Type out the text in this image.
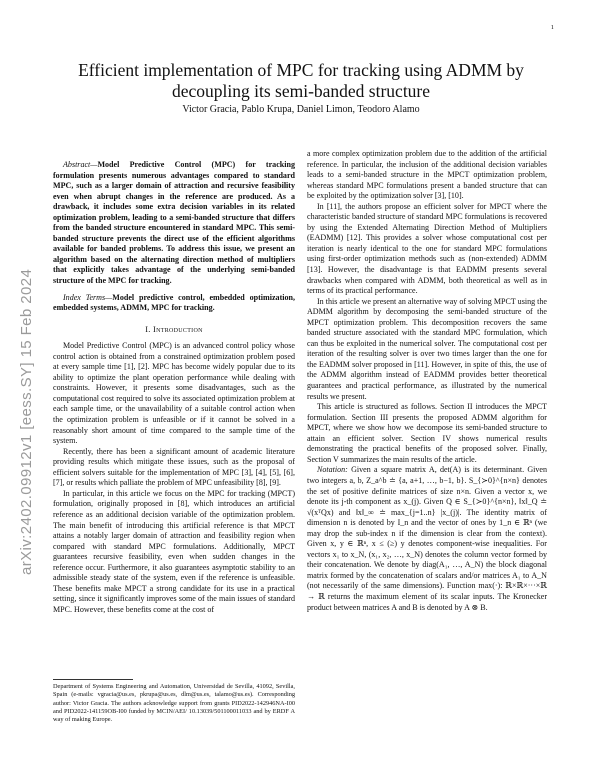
1
arXiv:2402.09912v1 [eess.SY] 15 Feb 2024
Efficient implementation of MPC for tracking using ADMM by decoupling its semi-banded structure
Victor Gracia, Pablo Krupa, Daniel Limon, Teodoro Alamo

Abstract—Model Predictive Control (MPC) for tracking formulation presents numerous advantages compared to standard MPC, such as a larger domain of attraction and recursive feasibility even when abrupt changes in the reference are produced. As a drawback, it includes some extra decision variables in its related optimization problem, leading to a semi-banded structure that differs from the banded structure encountered in standard MPC. This semi-banded structure prevents the direct use of the efficient algorithms available for banded problems. To address this issue, we present an algorithm based on the alternating direction method of multipliers that explicitly takes advantage of the underlying semi-banded structure of the MPC for tracking.

Index Terms—Model predictive control, embedded optimization, embedded systems, ADMM, MPC for tracking.

I. Introduction

Model Predictive Control (MPC) is an advanced control policy whose control action is obtained from a constrained optimization problem posed at every sample time [1], [2]. MPC has become widely popular due to its ability to optimize the plant operation performance while dealing with constraints. However, it presents some disadvantages, such as the computational cost required to solve its associated optimization problem at each sample time, or the unavailability of a suitable control action when the optimization problem is unfeasible or if it cannot be solved in a reasonably short amount of time compared to the sample time of the system.

Recently, there has been a significant amount of academic literature providing results which mitigate these issues, such as the proposal of efficient solvers suitable for the implementation of MPC [3], [4], [5], [6], [7], or results which palliate the problem of MPC unfeasibility [8], [9].

In particular, in this article we focus on the MPC for tracking (MPCT) formulation, originally proposed in [8], which introduces an artificial reference as an additional decision variable of the optimization problem. The main benefit of introducing this artificial reference is that MPCT attains a notably larger domain of attraction and feasibility region when compared with standard MPC formulations. Additionally, MPCT guarantees recursive feasibility, even when sudden changes in the reference occur. Furthermore, it also guarantees asymptotic stability to an admissible steady state of the system, even if the reference is unfeasible. These benefits make MPCT a strong candidate for its use in a practical setting, since it significantly improves some of the main issues of standard MPC. However, these benefits come at the cost of

Department of Systems Engineering and Automation, Universidad de Sevilla, 41092, Sevilla, Spain (e-mails: vgracia@us.es, pkrupa@us.es, dlm@us.es, talamo@us.es). Corresponding author: Victor Gracia. The authors acknowledge support from grants PID2022-142946NA-I00 and PID2022-141159OB-I00 funded by MCIN/AEI/ 10.13039/501100011033 and by ERDF A way of making Europe.

a more complex optimization problem due to the addition of the artificial reference. In particular, the inclusion of the additional decision variables leads to a semi-banded structure in the MPCT optimization problem, whereas standard MPC formulations present a banded structure that can be exploited by the optimization solver [3], [10].

In [11], the authors propose an efficient solver for MPCT where the characteristic banded structure of standard MPC formulations is recovered by using the Extended Alternating Direction Method of Multipliers (EADMM) [12]. This provides a solver whose computational cost per iteration is nearly identical to the one for standard MPC formulations using first-order optimization methods such as (non-extended) ADMM [13]. However, the disadvantage is that EADMM presents several drawbacks when compared with ADMM, both theoretical as well as in terms of its practical performance.

In this article we present an alternative way of solving MPCT using the ADMM algorithm by decomposing the semi-banded structure of the MPCT optimization problem. This decomposition recovers the same banded structure associated with the standard MPC formulation, which can thus be exploited in the numerical solver. The computational cost per iteration of the resulting solver is over two times larger than the one for the EADMM solver proposed in [11]. However, in spite of this, the use of the ADMM algorithm instead of EADMM provides better theoretical guarantees and practical performance, as illustrated by the numerical results we present.

This article is structured as follows. Section II introduces the MPCT formulation. Section III presents the proposed ADMM algorithm for MPCT, where we show how we decompose its semi-banded structure to attain an efficient solver. Section IV shows numerical results demonstrating the practical benefits of the proposed solver. Finally, Section V summarizes the main results of the article.

Notation: Given a square matrix A, det(A) is its determinant. Given two integers a, b, Z_a^b ≐ {a, a+1, …, b−1, b}. S_{≻0}^{n×n} denotes the set of positive definite matrices of size n×n. Given a vector x, we denote its j-th component as x_(j). Given Q ∈ S_{≻0}^{n×n}, ‖x‖_Q ≐ √(xᵀQx) and ‖x‖_∞ ≐ max_{j=1..n} |x_(j)|. The identity matrix of dimension n is denoted by I_n and the vector of ones by 1_n ∈ ℝⁿ (we may drop the sub-index n if the dimension is clear from the context). Given x, y ∈ ℝⁿ, x ≤ (≥) y denotes component-wise inequalities. For vectors x₁ to x_N, (x₁, x₂, …, x_N) denotes the column vector formed by their concatenation. We denote by diag(A₁, …, A_N) the block diagonal matrix formed by the concatenation of scalars and/or matrices A₁ to A_N (not necessarily of the same dimensions). Function max(·): ℝ×ℝ×···×ℝ → ℝ returns the maximum element of its scalar inputs. The Kronecker product between matrices A and B is denoted by A ⊗ B.
